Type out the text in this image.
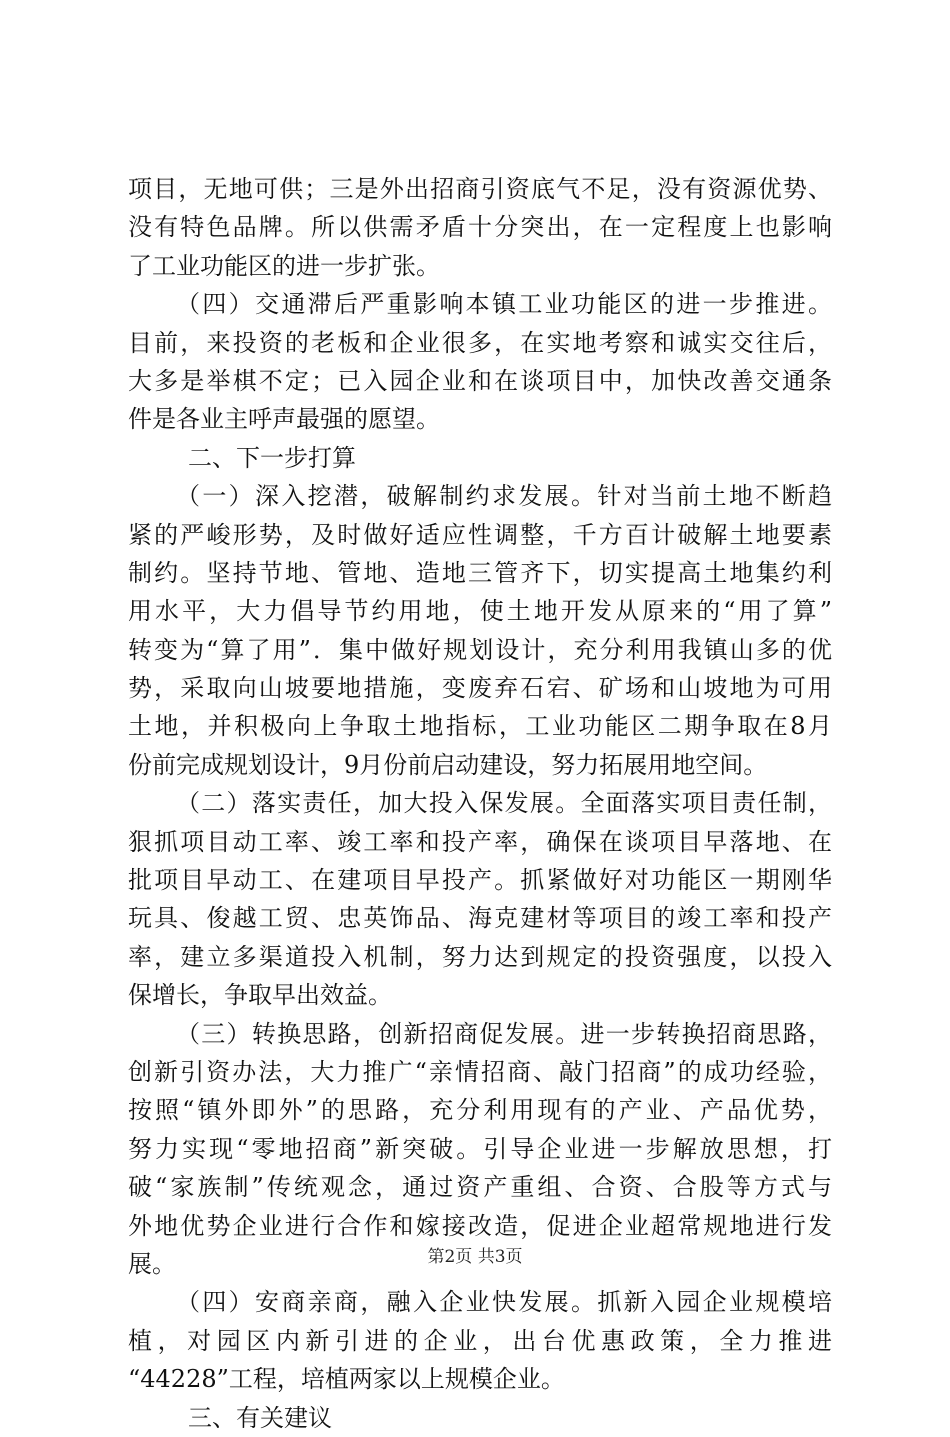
项目，无地可供；三是外出招商引资底气不足，没有资源优势、
没有特色品牌。所以供需矛盾十分突出，在一定程度上也影响
了工业功能区的进一步扩张。
（四）交通滞后严重影响本镇工业功能区的进一步推进。
目前，来投资的老板和企业很多，在实地考察和诚实交往后，
大多是举棋不定；已入园企业和在谈项目中，加快改善交通条
件是各业主呼声最强的愿望。
二、下一步打算
（一）深入挖潜，破解制约求发展。针对当前土地不断趋
紧的严峻形势，及时做好适应性调整，千方百计破解土地要素
制约。坚持节地、管地、造地三管齐下，切实提高土地集约利
用水平，大力倡导节约用地，使土地开发从原来的“用了算”
转变为“算了用”．集中做好规划设计，充分利用我镇山多的优
势，采取向山坡要地措施，变废弃石宕、矿场和山坡地为可用
土地，并积极向上争取土地指标，工业功能区二期争取在8月
份前完成规划设计，9月份前启动建设，努力拓展用地空间。
（二）落实责任，加大投入保发展。全面落实项目责任制，
狠抓项目动工率、竣工率和投产率，确保在谈项目早落地、在
批项目早动工、在建项目早投产。抓紧做好对功能区一期刚华
玩具、俊越工贸、忠英饰品、海克建材等项目的竣工率和投产
率，建立多渠道投入机制，努力达到规定的投资强度，以投入
保增长，争取早出效益。
（三）转换思路，创新招商促发展。进一步转换招商思路，
创新引资办法，大力推广“亲情招商、敲门招商”的成功经验，
按照“镇外即外”的思路，充分利用现有的产业、产品优势，
努力实现“零地招商”新突破。引导企业进一步解放思想，打
破“家族制”传统观念，通过资产重组、合资、合股等方式与
外地优势企业进行合作和嫁接改造，促进企业超常规地进行发
展。
（四）安商亲商，融入企业快发展。抓新入园企业规模培
植，对园区内新引进的企业，出台优惠政策，全力推进
“44228”工程，培植两家以上规模企业。
三、有关建议
第2页 共3页
